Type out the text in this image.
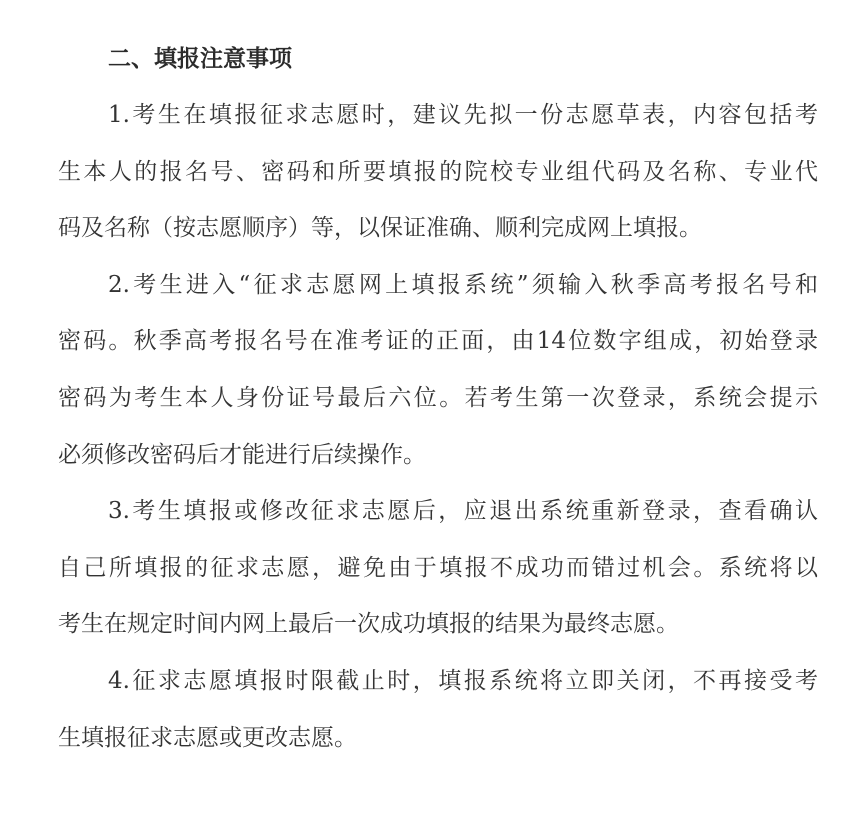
二、填报注意事项
1.考生在填报征求志愿时，建议先拟一份志愿草表，内容包括考
生本人的报名号、密码和所要填报的院校专业组代码及名称、专业代
码及名称（按志愿顺序）等，以保证准确、顺利完成网上填报。
2.考生进入“征求志愿网上填报系统”须输入秋季高考报名号和
密码。秋季高考报名号在准考证的正面，由14位数字组成，初始登录
密码为考生本人身份证号最后六位。若考生第一次登录，系统会提示
必须修改密码后才能进行后续操作。
3.考生填报或修改征求志愿后，应退出系统重新登录，查看确认
自己所填报的征求志愿，避免由于填报不成功而错过机会。系统将以
考生在规定时间内网上最后一次成功填报的结果为最终志愿。
4.征求志愿填报时限截止时，填报系统将立即关闭，不再接受考
生填报征求志愿或更改志愿。
